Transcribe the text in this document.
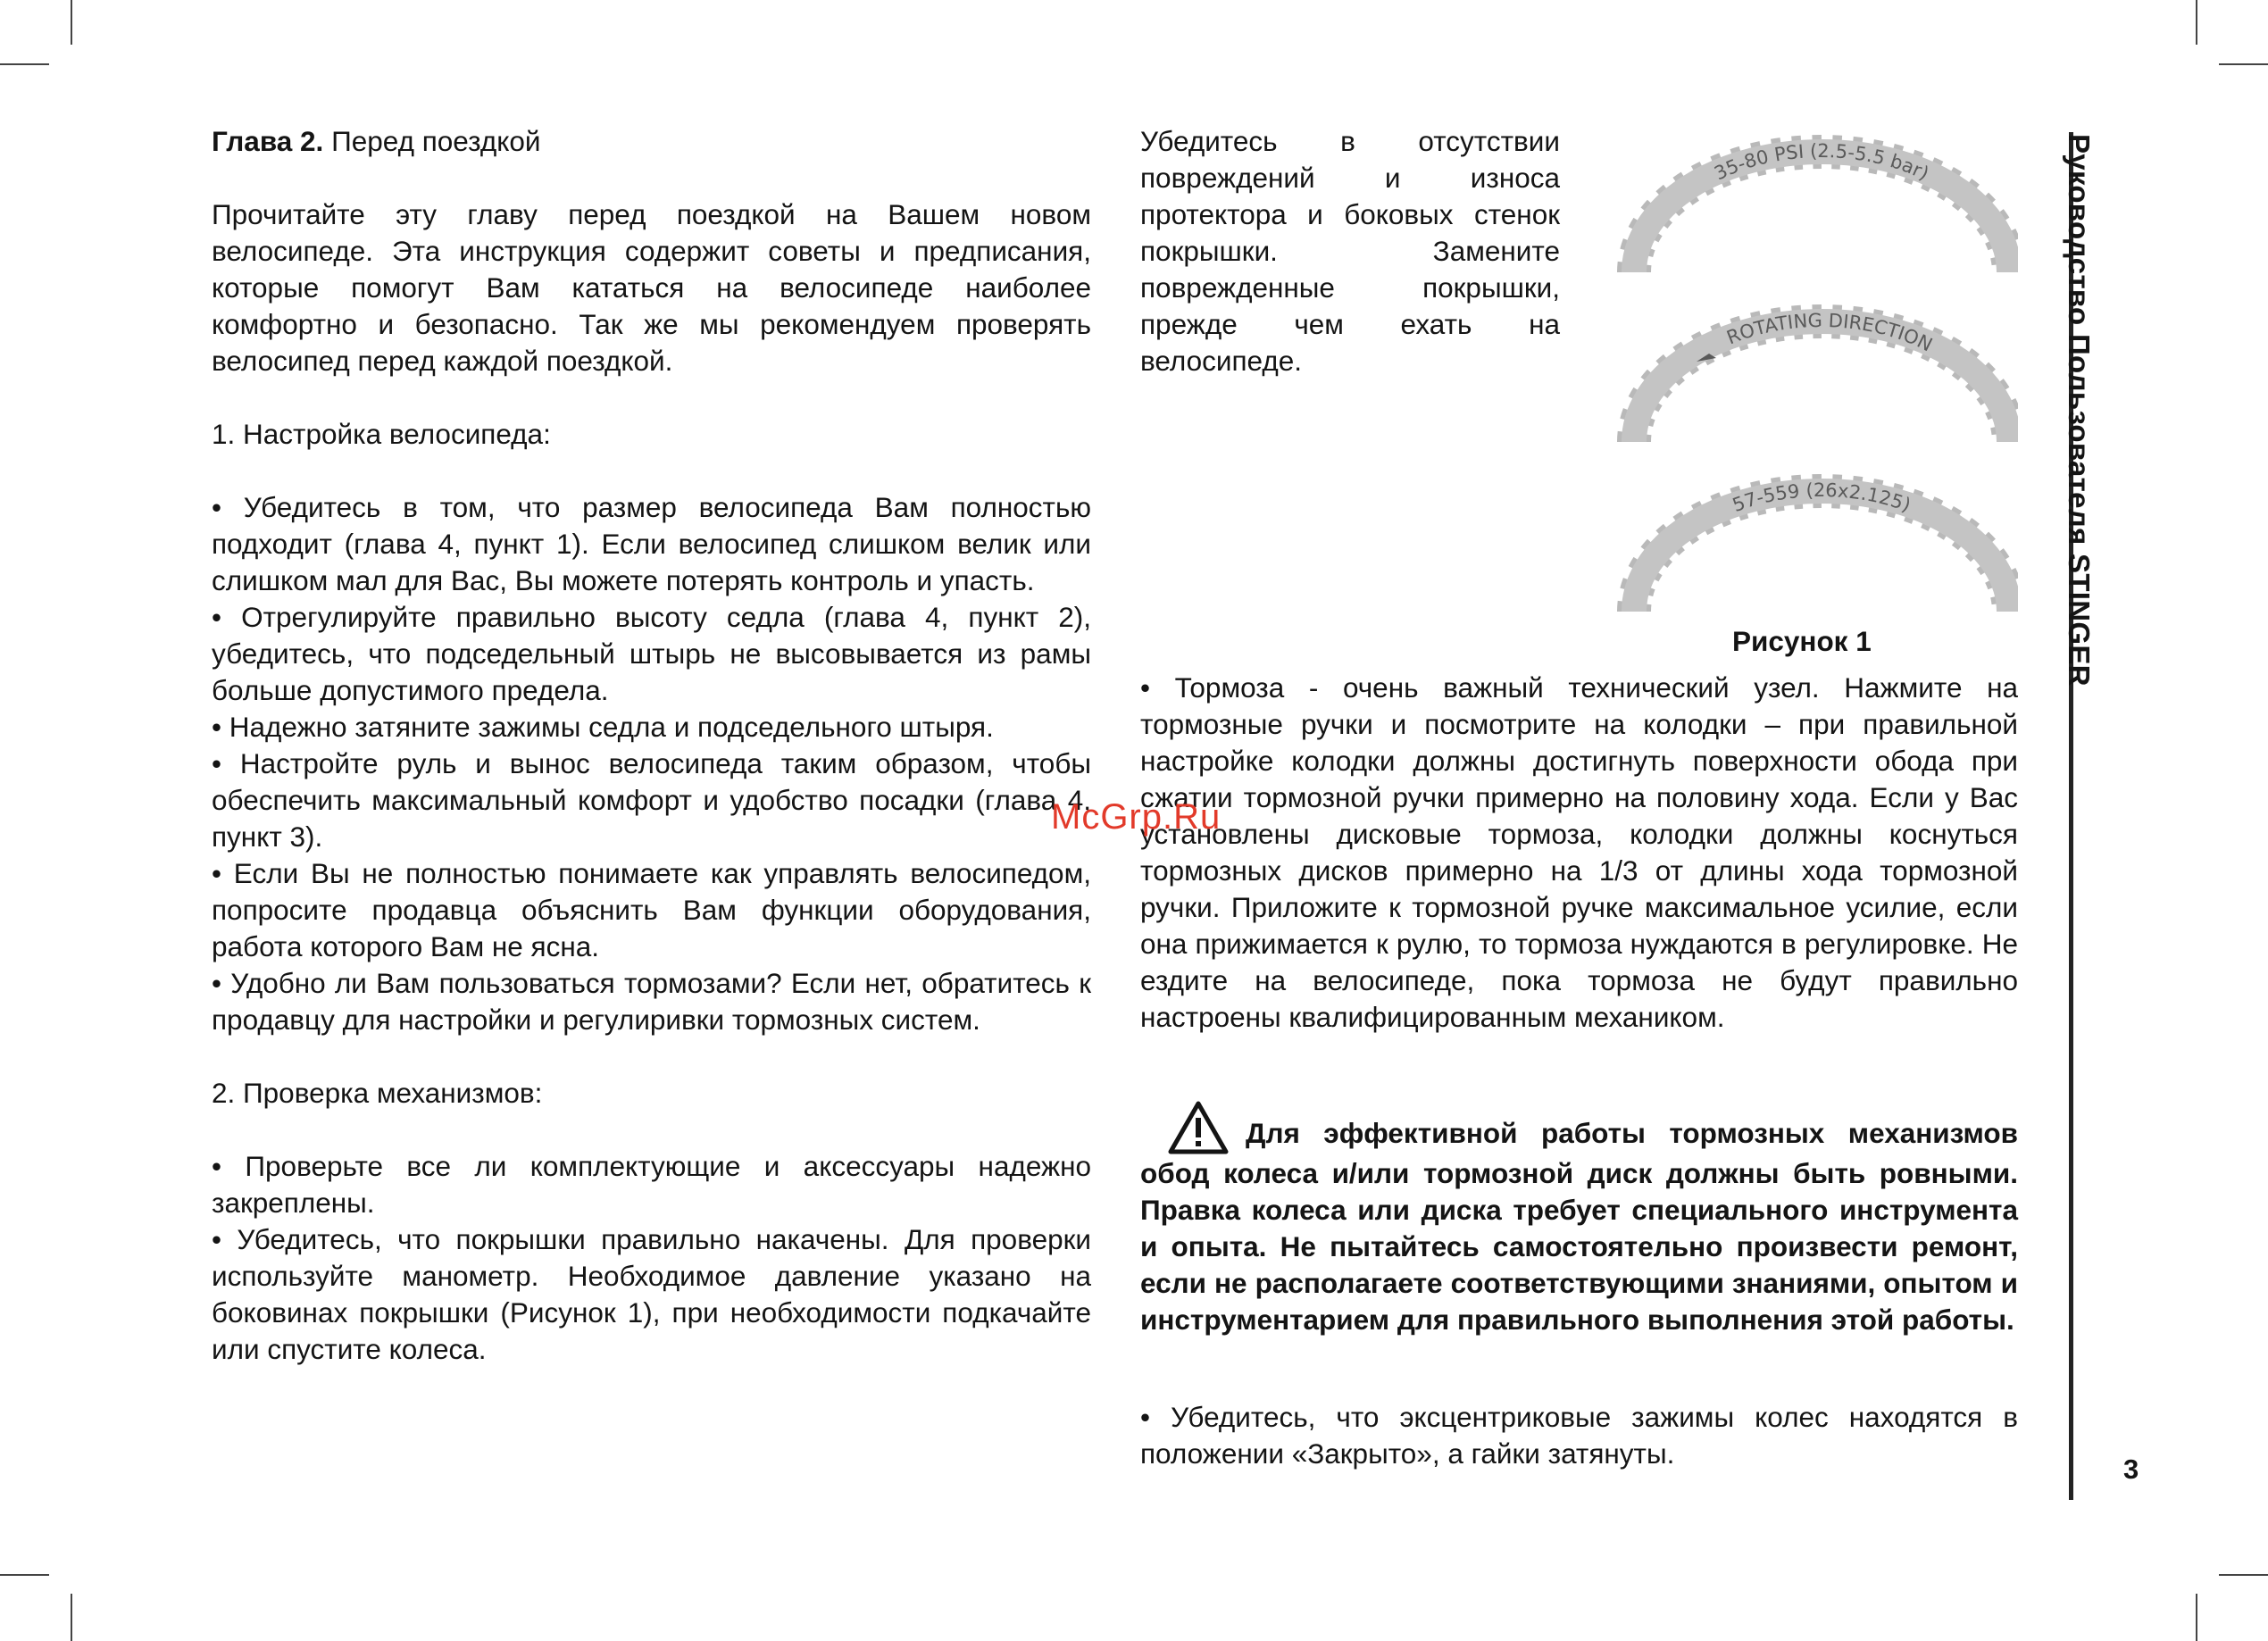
Глава 2. Перед поездкой

Прочитайте эту главу перед поездкой на Вашем новом велосипеде. Эта инструкция содержит советы и предписания, которые помогут Вам кататься на велосипеде наиболее комфортно и безопасно. Так же мы рекомендуем проверять велосипед перед каждой поездкой.

1. Настройка велосипеда:

• Убедитесь в том, что размер велосипеда Вам полностью подходит (глава 4, пункт 1). Если велосипед слишком велик или слишком мал для Вас, Вы можете потерять контроль и упасть.

• Отрегулируйте правильно высоту седла (глава 4, пункт 2), убедитесь, что подседельный штырь не высовывается из рамы больше допустимого предела.

• Надежно затяните зажимы седла и подседельного штыря.

• Настройте руль и вынос велосипеда таким образом, чтобы обеспечить максимальный комфорт и удобство посадки (глава 4, пункт 3).

• Если Вы не полностью понимаете как управлять велосипедом, попросите продавца объяснить Вам функции оборудования, работа которого Вам не ясна.

• Удобно ли Вам пользоваться тормозами? Если нет, обратитесь к продавцу для настройки и регулиривки тормозных систем.

2. Проверка механизмов:

• Проверьте все ли комплектующие и аксессуары надежно закреплены.

• Убедитесь, что покрышки правильно накачены. Для проверки используйте манометр. Необходимое давление указано на боковинах покрышки (Рисунок 1), при необходимости подкачайте или спустите колеса.

Убедитесь в отсутствии повреждений и износа протектора и боковых стенок покрышки. Замените поврежденные покрышки, прежде чем ехать на велосипеде.

35-80 PSI (2.5-5.5 bar)
ROTATING DIRECTION
57-559 (26x2.125)
Рисунок 1

• Тормоза - очень важный технический узел. Нажмите на тормозные ручки и посмотрите на колодки – при правильной настройке колодки должны достигнуть поверхности обода при сжатии тормозной ручки примерно на половину хода. Если у Вас установлены дисковые тормоза, колодки должны коснуться тормозных дисков примерно на 1/3 от длины хода тормозной ручки. Приложите к тормозной ручке максимальное усилие, если она прижимается к рулю, то тормоза нуждаются в регулировке. Не ездите на велосипеде, пока тормоза не будут правильно настроены квалифицированным механиком.

Для эффективной работы тормозных механизмов обод колеса и/или тормозной диск должны быть ровными. Правка колеса или диска требует специального инструмента и опыта. Не пытайтесь самостоятельно произвести ремонт, если не располагаете соответствующими знаниями, опытом и инструментарием для правильного выполнения этой работы.

• Убедитесь, что эксцентриковые зажимы колес находятся в положении «Закрыто», а гайки затянуты.

Руководство Пользователя STINGER
3
McGrp.Ru
